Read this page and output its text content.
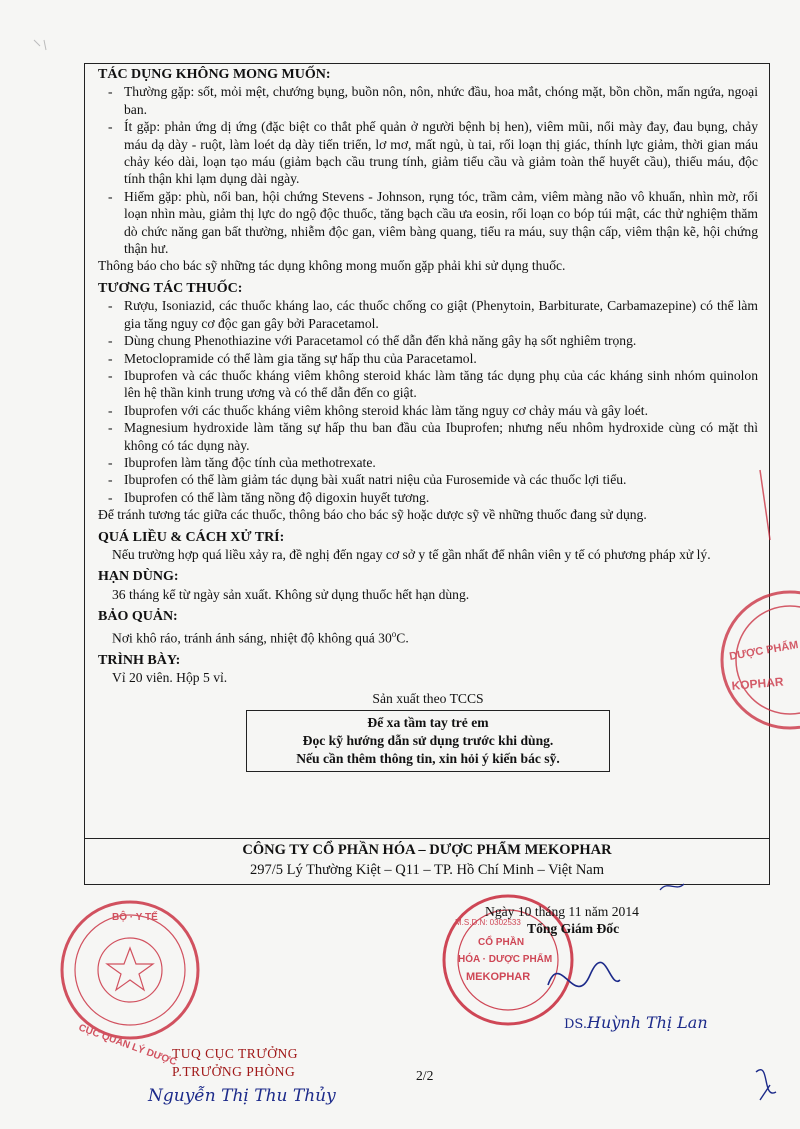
TÁC DỤNG KHÔNG MONG MUỐN:
- Thường gặp: sốt, mỏi mệt, chướng bụng, buồn nôn, nôn, nhức đầu, hoa mắt, chóng mặt, bồn chồn, mẩn ngứa, ngoại ban.
- Ít gặp: phản ứng dị ứng (đặc biệt co thắt phế quản ở người bệnh bị hen), viêm mũi, nổi mày đay, đau bụng, chảy máu dạ dày - ruột, làm loét dạ dày tiến triển, lơ mơ, mất ngủ, ù tai, rối loạn thị giác, thính lực giảm, thời gian máu chảy kéo dài, loạn tạo máu (giảm bạch cầu trung tính, giảm tiểu cầu và giảm toàn thể huyết cầu), thiếu máu, độc tính thận khi lạm dụng dài ngày.
- Hiếm gặp: phù, nổi ban, hội chứng Stevens - Johnson, rụng tóc, trầm cảm, viêm màng não vô khuẩn, nhìn mờ, rối loạn nhìn màu, giảm thị lực do ngộ độc thuốc, tăng bạch cầu ưa eosin, rối loạn co bóp túi mật, các thử nghiệm thăm dò chức năng gan bất thường, nhiễm độc gan, viêm bàng quang, tiểu ra máu, suy thận cấp, viêm thận kẽ, hội chứng thận hư.
Thông báo cho bác sỹ những tác dụng không mong muốn gặp phải khi sử dụng thuốc.
TƯƠNG TÁC THUỐC:
- Rượu, Isoniazid, các thuốc kháng lao, các thuốc chống co giật (Phenytoin, Barbiturate, Carbamazepine) có thể làm gia tăng nguy cơ độc gan gây bởi Paracetamol.
- Dùng chung Phenothiazine với Paracetamol có thể dẫn đến khả năng gây hạ sốt nghiêm trọng.
- Metoclopramide có thể làm gia tăng sự hấp thu của Paracetamol.
- Ibuprofen và các thuốc kháng viêm không steroid khác làm tăng tác dụng phụ của các kháng sinh nhóm quinolon lên hệ thần kinh trung ương và có thể dẫn đến co giật.
- Ibuprofen với các thuốc kháng viêm không steroid khác làm tăng nguy cơ chảy máu và gây loét.
- Magnesium hydroxide làm tăng sự hấp thu ban đầu của Ibuprofen; nhưng nếu nhôm hydroxide cùng có mặt thì không có tác dụng này.
- Ibuprofen làm tăng độc tính của methotrexate.
- Ibuprofen có thể làm giảm tác dụng bài xuất natri niệu của Furosemide và các thuốc lợi tiểu.
- Ibuprofen có thể làm tăng nồng độ digoxin huyết tương.
Để tránh tương tác giữa các thuốc, thông báo cho bác sỹ hoặc dược sỹ về những thuốc đang sử dụng.
QUÁ LIỀU & CÁCH XỬ TRÍ:
Nếu trường hợp quá liều xảy ra, đề nghị đến ngay cơ sở y tế gần nhất để nhân viên y tế có phương pháp xử lý.
HẠN DÙNG:
36 tháng kể từ ngày sản xuất. Không sử dụng thuốc hết hạn dùng.
BẢO QUẢN:
Nơi khô ráo, tránh ánh sáng, nhiệt độ không quá 30$^o$C.
TRÌNH BÀY:
Vỉ 20 viên. Hộp 5 vỉ.
Sản xuất theo TCCS
Để xa tầm tay trẻ em
Đọc kỹ hướng dẫn sử dụng trước khi dùng.
Nếu cần thêm thông tin, xin hỏi ý kiến bác sỹ.
CÔNG TY CỔ PHẦN HÓA – DƯỢC PHẨM MEKOPHAR
297/5 Lý Thường Kiệt – Q11 – TP. Hồ Chí Minh – Việt Nam
DƯỢC PHẨM
KOPHAR
BỘ · Y TẾ
CỤC QUẢN LÝ DƯỢC
CỔ PHẦN
HÓA · DƯỢC PHẨM
MEKOPHAR
M.S.D.N: 0302533
Ngày 10 tháng 11 năm 2014
Tổng Giám Đốc
DS.Huỳnh Thị Lan
TUQ CỤC TRƯỞNG
P.TRƯỞNG PHÒNG
Nguyễn Thị Thu Thủy
2/2
